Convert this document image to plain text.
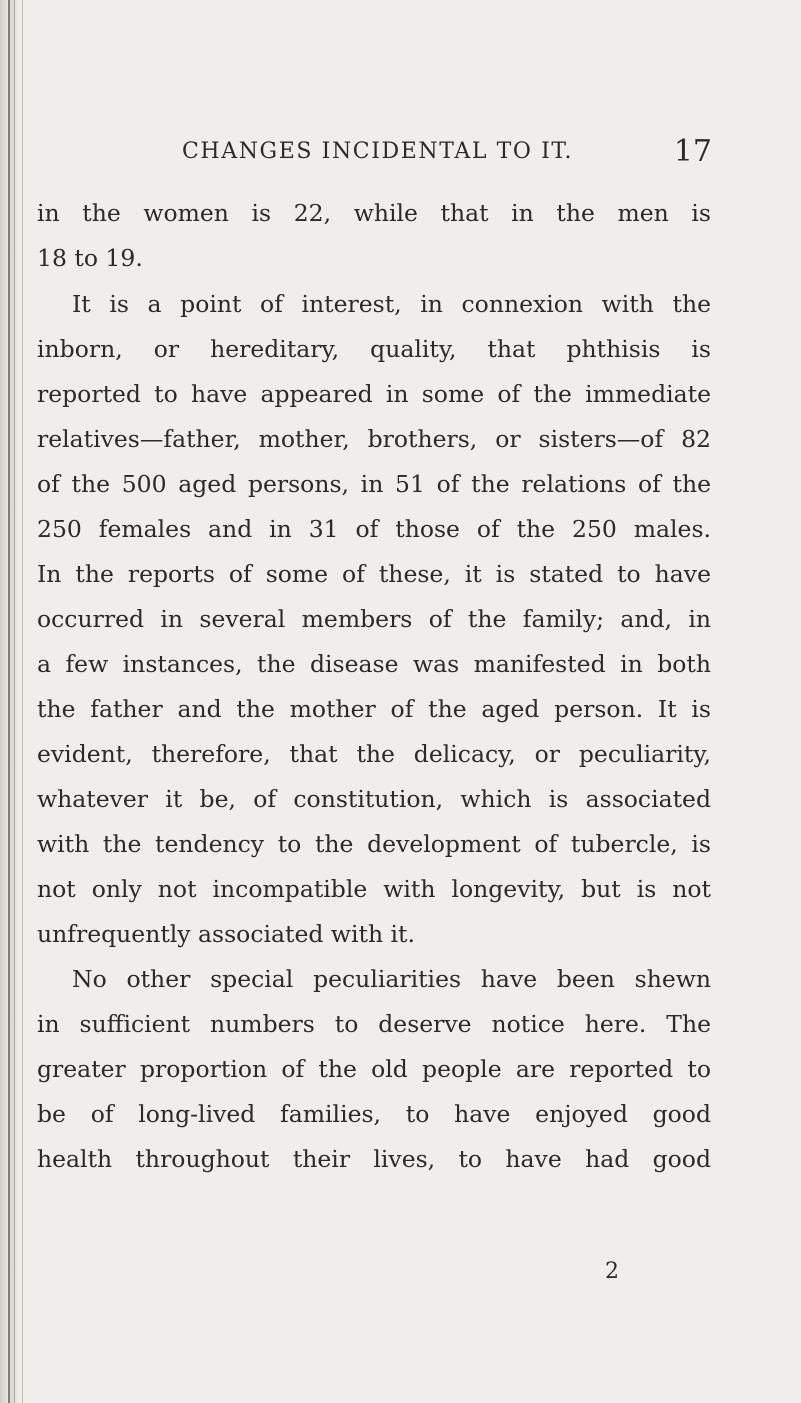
CHANGES INCIDENTAL TO IT.	17
in the women is 22, while that in the men is
18 to 19.
It is a point of interest, in connexion with the
inborn, or hereditary, quality, that phthisis is
reported to have appeared in some of the immediate
relatives—father, mother, brothers, or sisters—of 82
of the 500 aged persons, in 51 of the relations of the
250 females and in 31 of those of the 250 males.
In the reports of some of these, it is stated to have
occurred in several members of the family; and, in
a few instances, the disease was manifested in both
the father and the mother of the aged person. It is
evident, therefore, that the delicacy, or peculiarity,
whatever it be, of constitution, which is associated
with the tendency to the development of tubercle, is
not only not incompatible with longevity, but is not
unfrequently associated with it.
No other special peculiarities have been shewn
in sufficient numbers to deserve notice here. The
greater proportion of the old people are reported to
be of long-lived families, to have enjoyed good
health throughout their lives, to have had good
2
